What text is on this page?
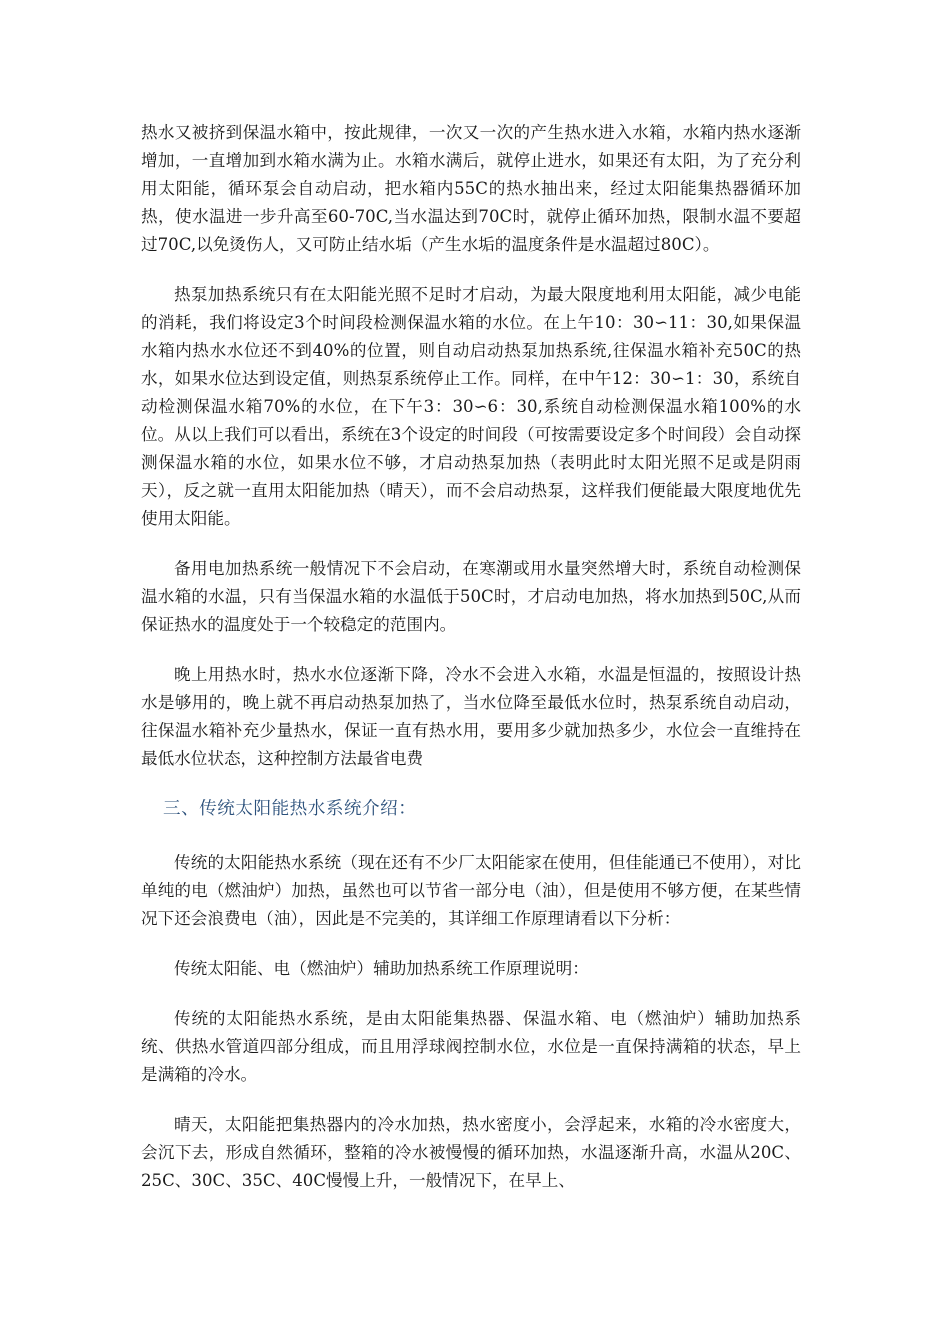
热水又被挤到保温水箱中，按此规律，一次又一次的产生热水进入水箱，水箱内热水逐渐增加，一直增加到水箱水满为止。水箱水满后，就停止进水，如果还有太阳，为了充分利用太阳能，循环泵会自动启动，把水箱内55C的热水抽出来，经过太阳能集热器循环加热，使水温进一步升高至60-70C,当水温达到70C时，就停止循环加热，限制水温不要超过70C,以免烫伤人，又可防止结水垢（产生水垢的温度条件是水温超过80C）。

热泵加热系统只有在太阳能光照不足时才启动，为最大限度地利用太阳能，减少电能的消耗，我们将设定3个时间段检测保温水箱的水位。在上午10：30∽11：30,如果保温水箱内热水水位还不到40%的位置，则自动启动热泵加热系统,往保温水箱补充50C的热水，如果水位达到设定值，则热泵系统停止工作。同样，在中午12：30∽1：30，系统自动检测保温水箱70%的水位，在下午3：30∽6：30,系统自动检测保温水箱100%的水位。从以上我们可以看出，系统在3个设定的时间段（可按需要设定多个时间段）会自动探测保温水箱的水位，如果水位不够，才启动热泵加热（表明此时太阳光照不足或是阴雨天），反之就一直用太阳能加热（晴天），而不会启动热泵，这样我们便能最大限度地优先使用太阳能。

备用电加热系统一般情况下不会启动，在寒潮或用水量突然增大时，系统自动检测保温水箱的水温，只有当保温水箱的水温低于50C时，才启动电加热，将水加热到50C,从而保证热水的温度处于一个较稳定的范围内。

晚上用热水时，热水水位逐渐下降，冷水不会进入水箱，水温是恒温的，按照设计热水是够用的，晚上就不再启动热泵加热了，当水位降至最低水位时，热泵系统自动启动，往保温水箱补充少量热水，保证一直有热水用，要用多少就加热多少，水位会一直维持在最低水位状态，这种控制方法最省电费

三、传统太阳能热水系统介绍：

传统的太阳能热水系统（现在还有不少厂太阳能家在使用，但佳能通已不使用），对比单纯的电（燃油炉）加热，虽然也可以节省一部分电（油），但是使用不够方便，在某些情况下还会浪费电（油），因此是不完美的，其详细工作原理请看以下分析：

传统太阳能、电（燃油炉）辅助加热系统工作原理说明：

传统的太阳能热水系统，是由太阳能集热器、保温水箱、电（燃油炉）辅助加热系统、供热水管道四部分组成，而且用浮球阀控制水位，水位是一直保持满箱的状态，早上是满箱的冷水。

晴天，太阳能把集热器内的冷水加热，热水密度小，会浮起来，水箱的冷水密度大，会沉下去，形成自然循环，整箱的冷水被慢慢的循环加热，水温逐渐升高，水温从20C、25C、30C、35C、40C慢慢上升，一般情况下，在早上、
